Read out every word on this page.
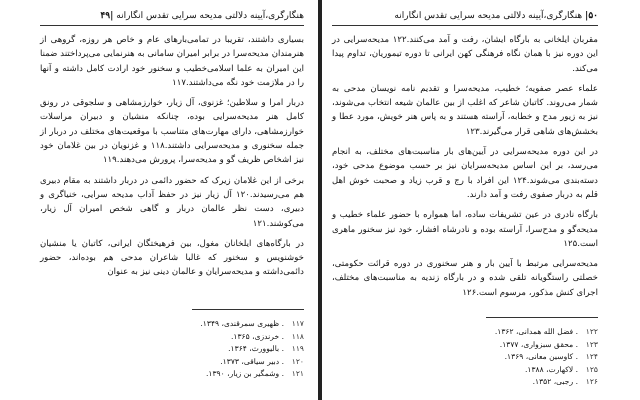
هنگارگری،آیینه دلالتی مدیحه سرایی تقدس انگارانه |۴۹

بسیاری داشتند، تقریبا در تمامی‌بارهای عام و خاص هر روزه، گروهی از هنرمندان مدیحه‌سرا در برابر امیران سامانی به هنرنمایی می‌پرداختند ضمنا این امیران به علما اسلامی‌خطیب و سخنور خود ارادت کامل داشته و آنها را در ملازمت خود نگه می‌داشتند.۱۱۷

دربار امرا و سلاطین؛ غزنوی، آل زیار، خوارزمشاهی و سلجوقی در رونق کامل هنر مدیحه‌سرایی بوده، چنانکه منشیان و دبیران مراسلات خوارزمشاهی، دارای مهارت‌های متناسب با موقعیت‌های مختلف در دربار از جمله سخنوری و مدیحه‌سرایی داشتند.۱۱۸ و غزنویان در بین غلامان خود نیز اشخاص ظریف گو و مدیحه‌سرا، پرورش می‌دهند.۱۱۹

برخی از این غلامان زیرک که حضور دائمی در دربار داشتند به مقام دبیری هم می‌رسیدند.۱۲۰ آل زیار نیز در حفظ آداب مدیحه سرایی، خنیاگری و دبیری، دست نظر عالمان دربار و گاهی شخص امیران آل زیار، می‌کوشند.۱۲۱

در بارگاه‌های ایلخانان مغول، بین فرهیختگان ایرانی، کاتبان یا منشیان خوشنویس و سخنور که غالبا شاعران مدحی هم بوده‌اند، حضور دائمی‌داشته و مدیحه‌سرایان و عالمان دینی نیز به عنوان

۱۱۷. ظهیری سمرقندی، ۱۳۴۹.
۱۱۸. خرندزی، ۱۳۶۵.
۱۱۹. بالیوورث، ۱۳۶۴.
۱۲۰. دبیر سیاقی، ۱۳۷۳.
۱۲۱. وشمگیر بن زیار، ۱۳۹۰.
۵۰| هنگارگری،آیینه دلالتی مدیحه سرایی تقدس انگارانه

مقربان ایلخانی به بارگاه ایشان، رفت و آمد می‌کنند.۱۲۲ مدیحه‌سرایی در این دوره نیز با همان نگاه فرهنگی کهن ایرانی تا دوره تیموریان، تداوم پیدا می‌کند.

علماء عصر صفویه؛ خطیب، مدیحه‌سرا و تقدیم نامه نویسان مدحی به شمار می‌روند. کاتبان شاعر که اغلب از بین عالمان شیعه انتخاب می‌شوند، نیز به زیور مدح و خطابه، آراسته هستند و به پاس هنر خویش، مورد عطا و بخشش‌های شاهی قرار می‌گیرند.۱۲۳

در این دوره مدیحه‌سرایی در آیین‌های بار مناسبت‌های مختلف، به انجام می‌رسد، بر این اساس مدیحه‌سرایان نیز بر حسب موضوع مدحی خود، دسته‌بندی می‌شوند.۱۲۴ این افراد با رج و قرب زیاد و صحبت خوش اهل قلم به دربار صفوی رفت و آمد دارند.

بارگاه نادری در عین تشریفات ساده، اما همواره با حضور علماء خطیب و مدیحه‌گو و مدح‌سرا، آراسته بوده و نادرشاه افشار، خود نیز سخنور ماهری است.۱۲۵

مدیحه‌سرایی مرتبط با آیین بار و هنر سخنوری در دوره قرائت حکومتی، خصلتی راستگویانه تلقی شده و در بارگاه زندیه به مناسبت‌های مختلف، اجرای کنش مذکور، مرسوم است.۱۲۶

۱۲۲. فضل الله همدانی، ۱۳۶۲.
۱۲۳. محقق سبزواری، ۱۳۷۷.
۱۲۴. کاوسین معانی، ۱۳۶۹.
۱۲۵. لاکهارت، ۱۳۸۸.
۱۲۶. رجبی، ۱۳۵۲.
